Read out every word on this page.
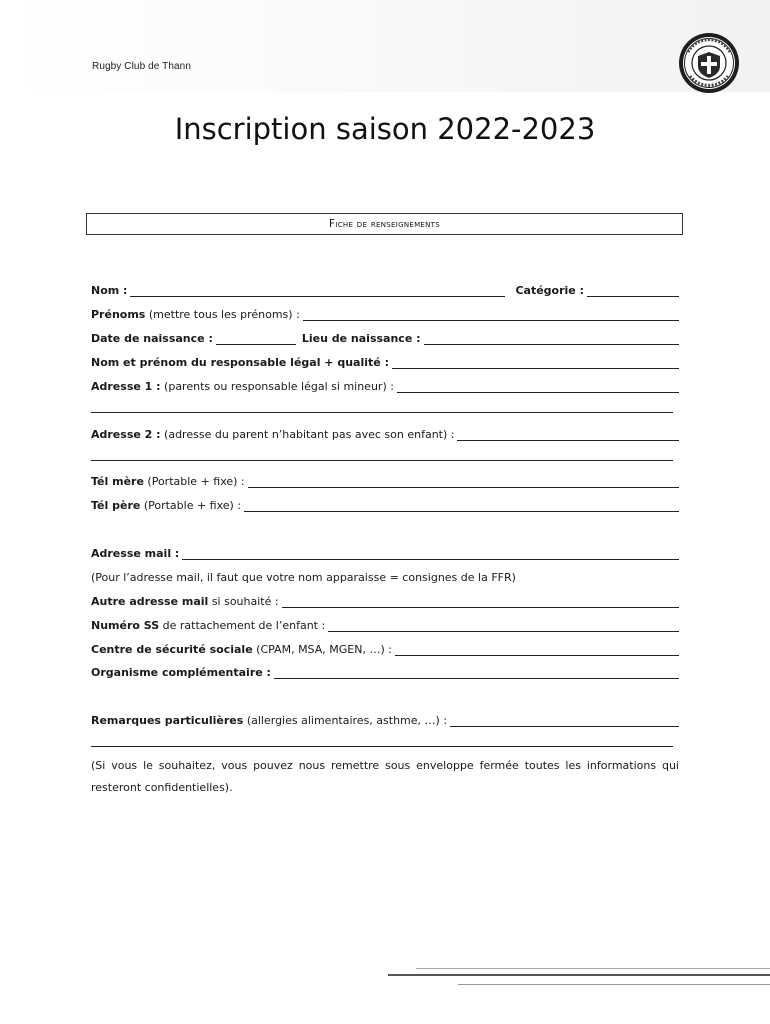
Rugby Club de Thann
Inscription saison 2022-2023
Fiche de renseignements
Nom :	Catégorie :
Prénoms
(mettre tous les prénoms) :
Date de naissance :	Lieu de naissance :
Nom et prénom du responsable légal + qualité :
Adresse 1 :
(parents ou responsable légal si mineur) :
Adresse 2 :
(adresse du parent n’habitant pas avec son enfant) :
Tél mère
(Portable + fixe) :
Tél père
(Portable + fixe) :
Adresse mail :
(Pour l’adresse mail, il faut que votre nom apparaisse = consignes de la FFR)
Autre adresse mail
si souhaité :
Numéro SS
de rattachement de l’enfant :
Centre de sécurité sociale
(CPAM, MSA, MGEN, …) :
Organisme complémentaire :
Remarques particulières
(allergies alimentaires, asthme, …) :
(Si vous le souhaitez, vous pouvez nous remettre sous enveloppe fermée toutes les informations qui resteront confidentielles).
